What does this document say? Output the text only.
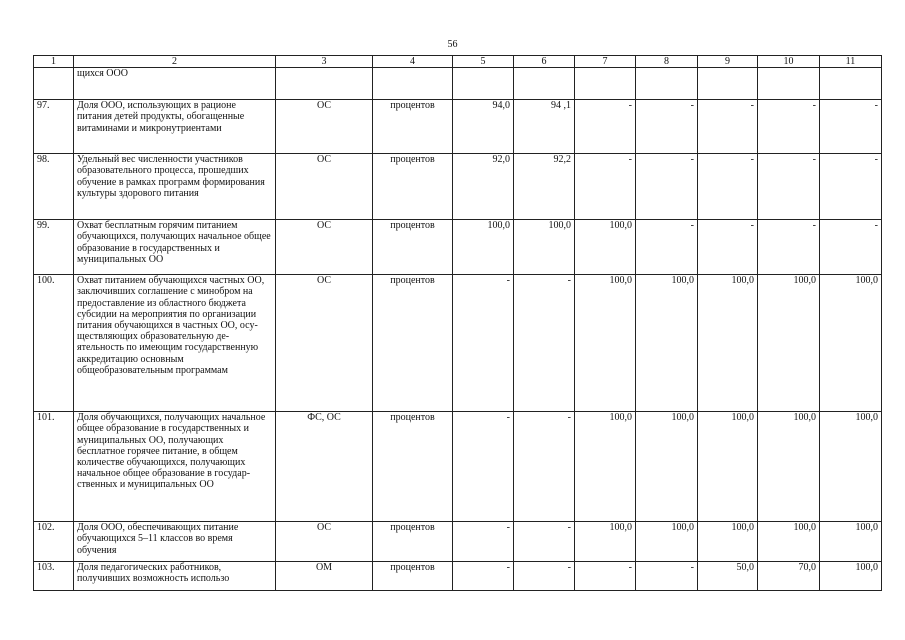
56
1	2	3	4	5	6	7	8	9	10	11
	щихся ООО									
97.	Доля ООО, использующих в рационе питания детей продукты, обогащенные витаминами и микронутриентами	ОС	процентов	94,0	94 ,1	-	-	-	-	-
98.	Удельный вес численности участников образовательного процесса, прошедших обучение в рамках программ формирования культуры здорового питания	ОС	процентов	92,0	92,2	-	-	-	-	-
99.	Охват бесплатным горячим питанием обучающихся, получающих начальное общее образование в государственных и муниципальных ОО	ОС	процентов	100,0	100,0	100,0	-	-	-	-
100.	Охват питанием обучающихся частных ОО, заключивших соглашение с минобром на предоставление из областного бюджета субсидии на мероприятия по организации питания обучающихся в частных ОО, осуществляющих образовательную деятельность по имеющим государственную аккредитацию основным общеобразовательным программам	ОС	процентов	-	-	100,0	100,0	100,0	100,0	100,0
101.	Доля обучающихся, получающих начальное общее образование в государственных и муниципальных ОО, получающих бесплатное горячее питание, в общем количестве обучающихся, получающих начальное общее образование в государственных и муниципальных ОО	ФС, ОС	процентов	-	-	100,0	100,0	100,0	100,0	100,0
102.	Доля ООО, обеспечивающих питание обучающихся 5–11 классов во время обучения	ОС	процентов	-	-	100,0	100,0	100,0	100,0	100,0
103.	Доля педагогических работников, получивших возможность использо	ОМ	процентов	-	-	-	-	50,0	70,0	100,0
